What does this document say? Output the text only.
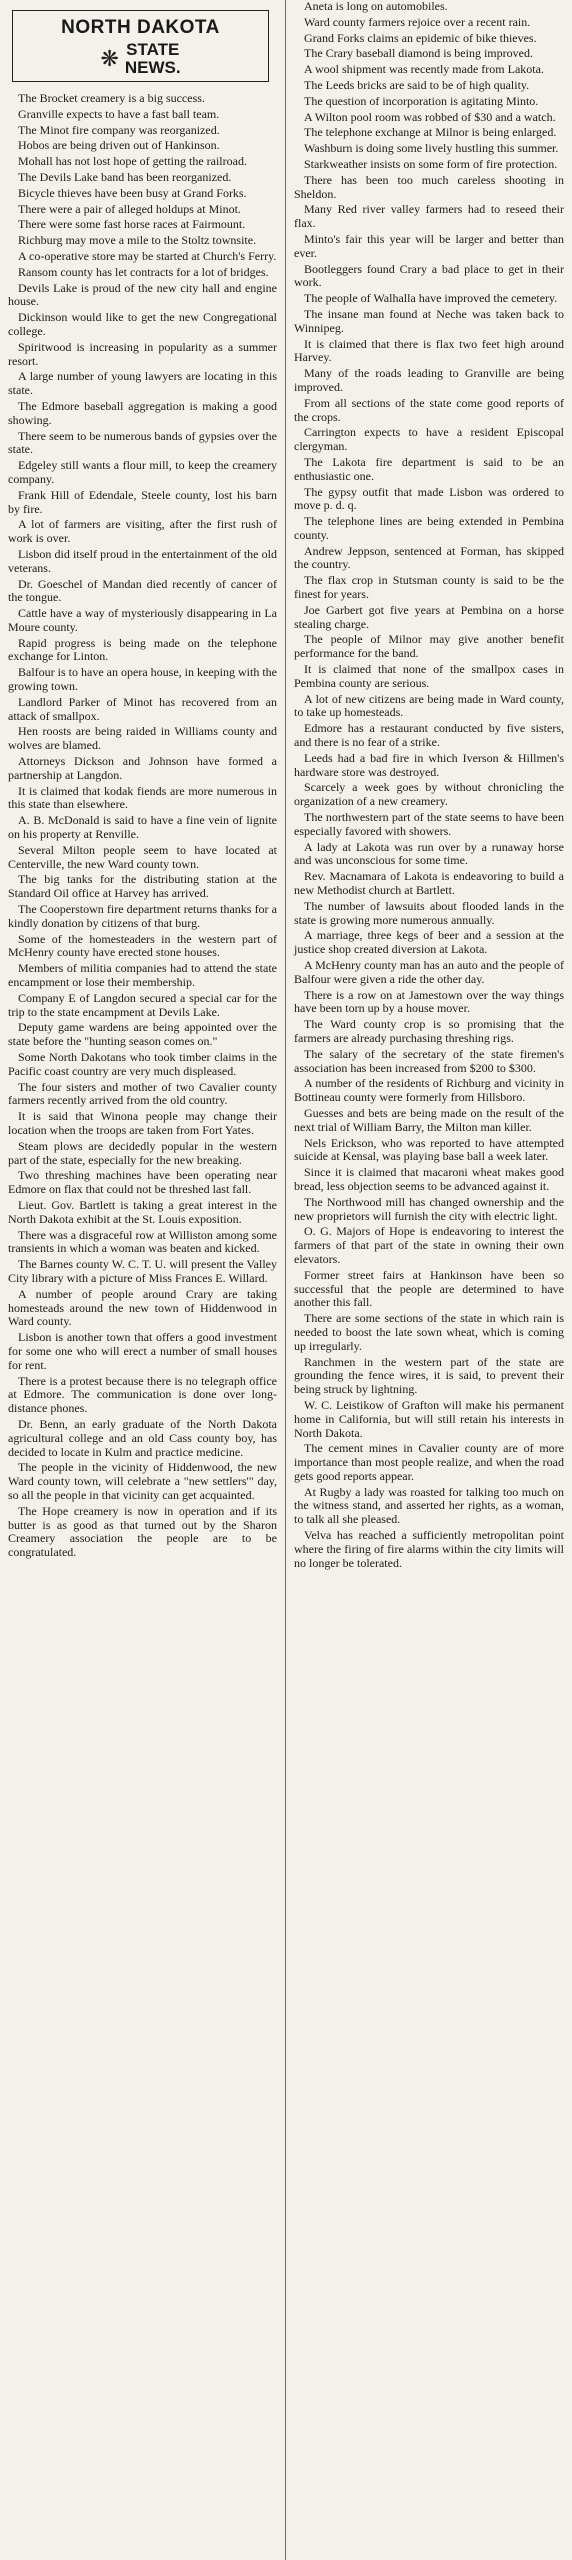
NORTH DAKOTA
❋ STATE
NEWS.

The Brocket creamery is a big success.

Granville expects to have a fast ball team.

The Minot fire company was reorganized.

Hobos are being driven out of Hankinson.

Mohall has not lost hope of getting the railroad.

The Devils Lake band has been reorganized.

Bicycle thieves have been busy at Grand Forks.

There were a pair of alleged holdups at Minot.

There were some fast horse races at Fairmount.

Richburg may move a mile to the Stoltz townsite.

A co-operative store may be started at Church's Ferry.

Ransom county has let contracts for a lot of bridges.

Devils Lake is proud of the new city hall and engine house.

Dickinson would like to get the new Congregational college.

Spiritwood is increasing in popularity as a summer resort.

A large number of young lawyers are locating in this state.

The Edmore baseball aggregation is making a good showing.

There seem to be numerous bands of gypsies over the state.

Edgeley still wants a flour mill, to keep the creamery company.

Frank Hill of Edendale, Steele county, lost his barn by fire.

A lot of farmers are visiting, after the first rush of work is over.

Lisbon did itself proud in the entertainment of the old veterans.

Dr. Goeschel of Mandan died recently of cancer of the tongue.

Cattle have a way of mysteriously disappearing in La Moure county.

Rapid progress is being made on the telephone exchange for Linton.

Balfour is to have an opera house, in keeping with the growing town.

Landlord Parker of Minot has recovered from an attack of smallpox.

Hen roosts are being raided in Williams county and wolves are blamed.

Attorneys Dickson and Johnson have formed a partnership at Langdon.

It is claimed that kodak fiends are more numerous in this state than elsewhere.

A. B. McDonald is said to have a fine vein of lignite on his property at Renville.

Several Milton people seem to have located at Centerville, the new Ward county town.

The big tanks for the distributing station at the Standard Oil office at Harvey has arrived.

The Cooperstown fire department returns thanks for a kindly donation by citizens of that burg.

Some of the homesteaders in the western part of McHenry county have erected stone houses.

Members of militia companies had to attend the state encampment or lose their membership.

Company E of Langdon secured a special car for the trip to the state encampment at Devils Lake.

Deputy game wardens are being appointed over the state before the "hunting season comes on."

Some North Dakotans who took timber claims in the Pacific coast country are very much displeased.

The four sisters and mother of two Cavalier county farmers recently arrived from the old country.

It is said that Winona people may change their location when the troops are taken from Fort Yates.

Steam plows are decidedly popular in the western part of the state, especially for the new breaking.

Two threshing machines have been operating near Edmore on flax that could not be threshed last fall.

Lieut. Gov. Bartlett is taking a great interest in the North Dakota exhibit at the St. Louis exposition.

There was a disgraceful row at Williston among some transients in which a woman was beaten and kicked.

The Barnes county W. C. T. U. will present the Valley City library with a picture of Miss Frances E. Willard.

A number of people around Crary are taking homesteads around the new town of Hiddenwood in Ward county.

Lisbon is another town that offers a good investment for some one who will erect a number of small houses for rent.

There is a protest because there is no telegraph office at Edmore. The communication is done over long-distance phones.

Dr. Benn, an early graduate of the North Dakota agricultural college and an old Cass county boy, has decided to locate in Kulm and practice medicine.

The people in the vicinity of Hiddenwood, the new Ward county town, will celebrate a "new settlers'" day, so all the people in that vicinity can get acquainted.

The Hope creamery is now in operation and if its butter is as good as that turned out by the Sharon Creamery association the people are to be congratulated.

Aneta is long on automobiles.

Ward county farmers rejoice over a recent rain.

Grand Forks claims an epidemic of bike thieves.

The Crary baseball diamond is being improved.

A wool shipment was recently made from Lakota.

The Leeds bricks are said to be of high quality.

The question of incorporation is agitating Minto.

A Wilton pool room was robbed of $30 and a watch.

The telephone exchange at Milnor is being enlarged.

Washburn is doing some lively hustling this summer.

Starkweather insists on some form of fire protection.

There has been too much careless shooting in Sheldon.

Many Red river valley farmers had to reseed their flax.

Minto's fair this year will be larger and better than ever.

Bootleggers found Crary a bad place to get in their work.

The people of Walhalla have improved the cemetery.

The insane man found at Neche was taken back to Winnipeg.

It is claimed that there is flax two feet high around Harvey.

Many of the roads leading to Granville are being improved.

From all sections of the state come good reports of the crops.

Carrington expects to have a resident Episcopal clergyman.

The Lakota fire department is said to be an enthusiastic one.

The gypsy outfit that made Lisbon was ordered to move p. d. q.

The telephone lines are being extended in Pembina county.

Andrew Jeppson, sentenced at Forman, has skipped the country.

The flax crop in Stutsman county is said to be the finest for years.

Joe Garbert got five years at Pembina on a horse stealing charge.

The people of Milnor may give another benefit performance for the band.

It is claimed that none of the smallpox cases in Pembina county are serious.

A lot of new citizens are being made in Ward county, to take up homesteads.

Edmore has a restaurant conducted by five sisters, and there is no fear of a strike.

Leeds had a bad fire in which Iverson & Hillmen's hardware store was destroyed.

Scarcely a week goes by without chronicling the organization of a new creamery.

The northwestern part of the state seems to have been especially favored with showers.

A lady at Lakota was run over by a runaway horse and was unconscious for some time.

Rev. Macnamara of Lakota is endeavoring to build a new Methodist church at Bartlett.

The number of lawsuits about flooded lands in the state is growing more numerous annually.

A marriage, three kegs of beer and a session at the justice shop created diversion at Lakota.

A McHenry county man has an auto and the people of Balfour were given a ride the other day.

There is a row on at Jamestown over the way things have been torn up by a house mover.

The Ward county crop is so promising that the farmers are already purchasing threshing rigs.

The salary of the secretary of the state firemen's association has been increased from $200 to $300.

A number of the residents of Richburg and vicinity in Bottineau county were formerly from Hillsboro.

Guesses and bets are being made on the result of the next trial of William Barry, the Milton man killer.

Nels Erickson, who was reported to have attempted suicide at Kensal, was playing base ball a week later.

Since it is claimed that macaroni wheat makes good bread, less objection seems to be advanced against it.

The Northwood mill has changed ownership and the new proprietors will furnish the city with electric light.

O. G. Majors of Hope is endeavoring to interest the farmers of that part of the state in owning their own elevators.

Former street fairs at Hankinson have been so successful that the people are determined to have another this fall.

There are some sections of the state in which rain is needed to boost the late sown wheat, which is coming up irregularly.

Ranchmen in the western part of the state are grounding the fence wires, it is said, to prevent their being struck by lightning.

W. C. Leistikow of Grafton will make his permanent home in California, but will still retain his interests in North Dakota.

The cement mines in Cavalier county are of more importance than most people realize, and when the road gets good reports appear.

At Rugby a lady was roasted for talking too much on the witness stand, and asserted her rights, as a woman, to talk all she pleased.

Velva has reached a sufficiently metropolitan point where the firing of fire alarms within the city limits will no longer be tolerated.
